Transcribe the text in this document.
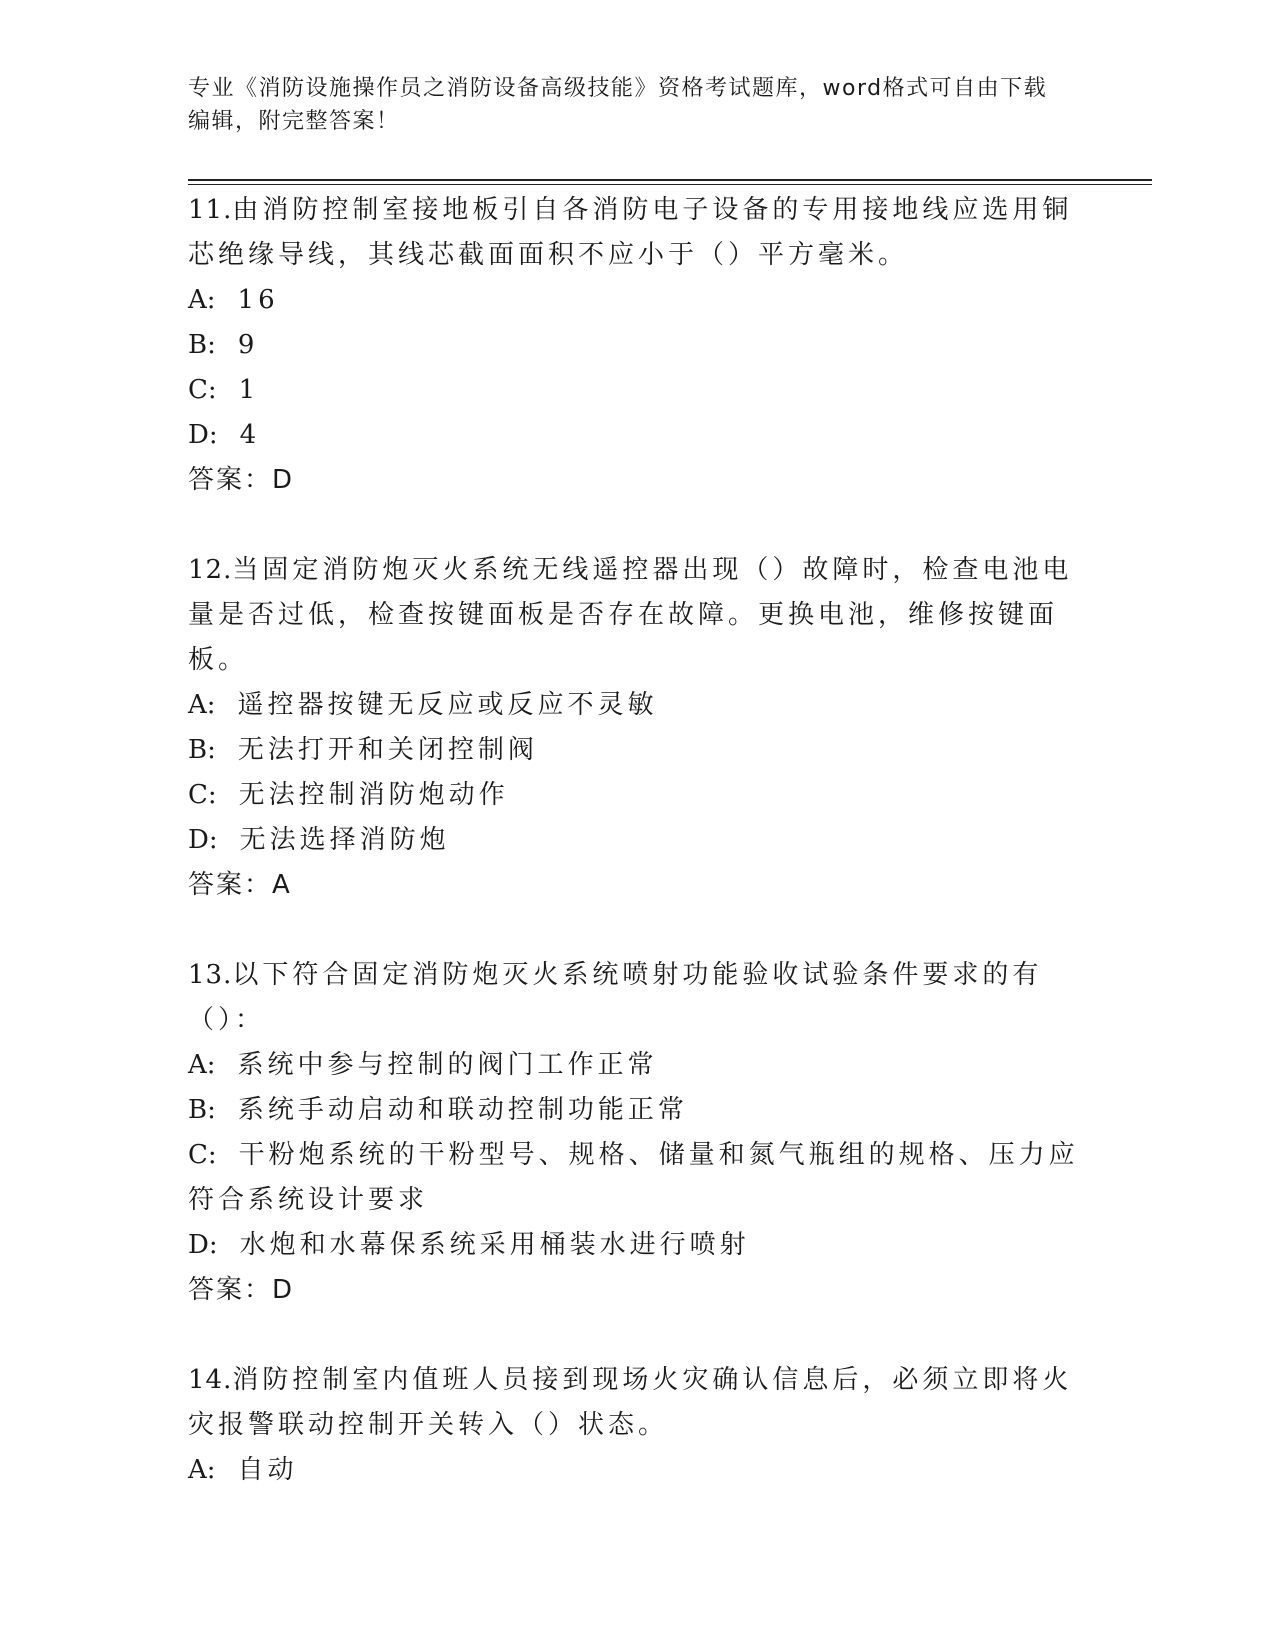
专业《消防设施操作员之消防设备高级技能》资格考试题库，word格式可自由下载编辑，附完整答案！

11.由消防控制室接地板引自各消防电子设备的专用接地线应选用铜芯绝缘导线，其线芯截面面积不应小于（）平方毫米。

A: 16

B: 9

C: 1

D: 4

答案：D

12.当固定消防炮灭火系统无线遥控器出现（）故障时，检查电池电量是否过低，检查按键面板是否存在故障。更换电池，维修按键面板。

A: 遥控器按键无反应或反应不灵敏

B: 无法打开和关闭控制阀

C: 无法控制消防炮动作

D: 无法选择消防炮

答案：A

13.以下符合固定消防炮灭火系统喷射功能验收试验条件要求的有（）：

A: 系统中参与控制的阀门工作正常

B: 系统手动启动和联动控制功能正常

C: 干粉炮系统的干粉型号、规格、储量和氮气瓶组的规格、压力应符合系统设计要求

D: 水炮和水幕保系统采用桶装水进行喷射

答案：D

14.消防控制室内值班人员接到现场火灾确认信息后，必须立即将火灾报警联动控制开关转入（）状态。

A: 自动
